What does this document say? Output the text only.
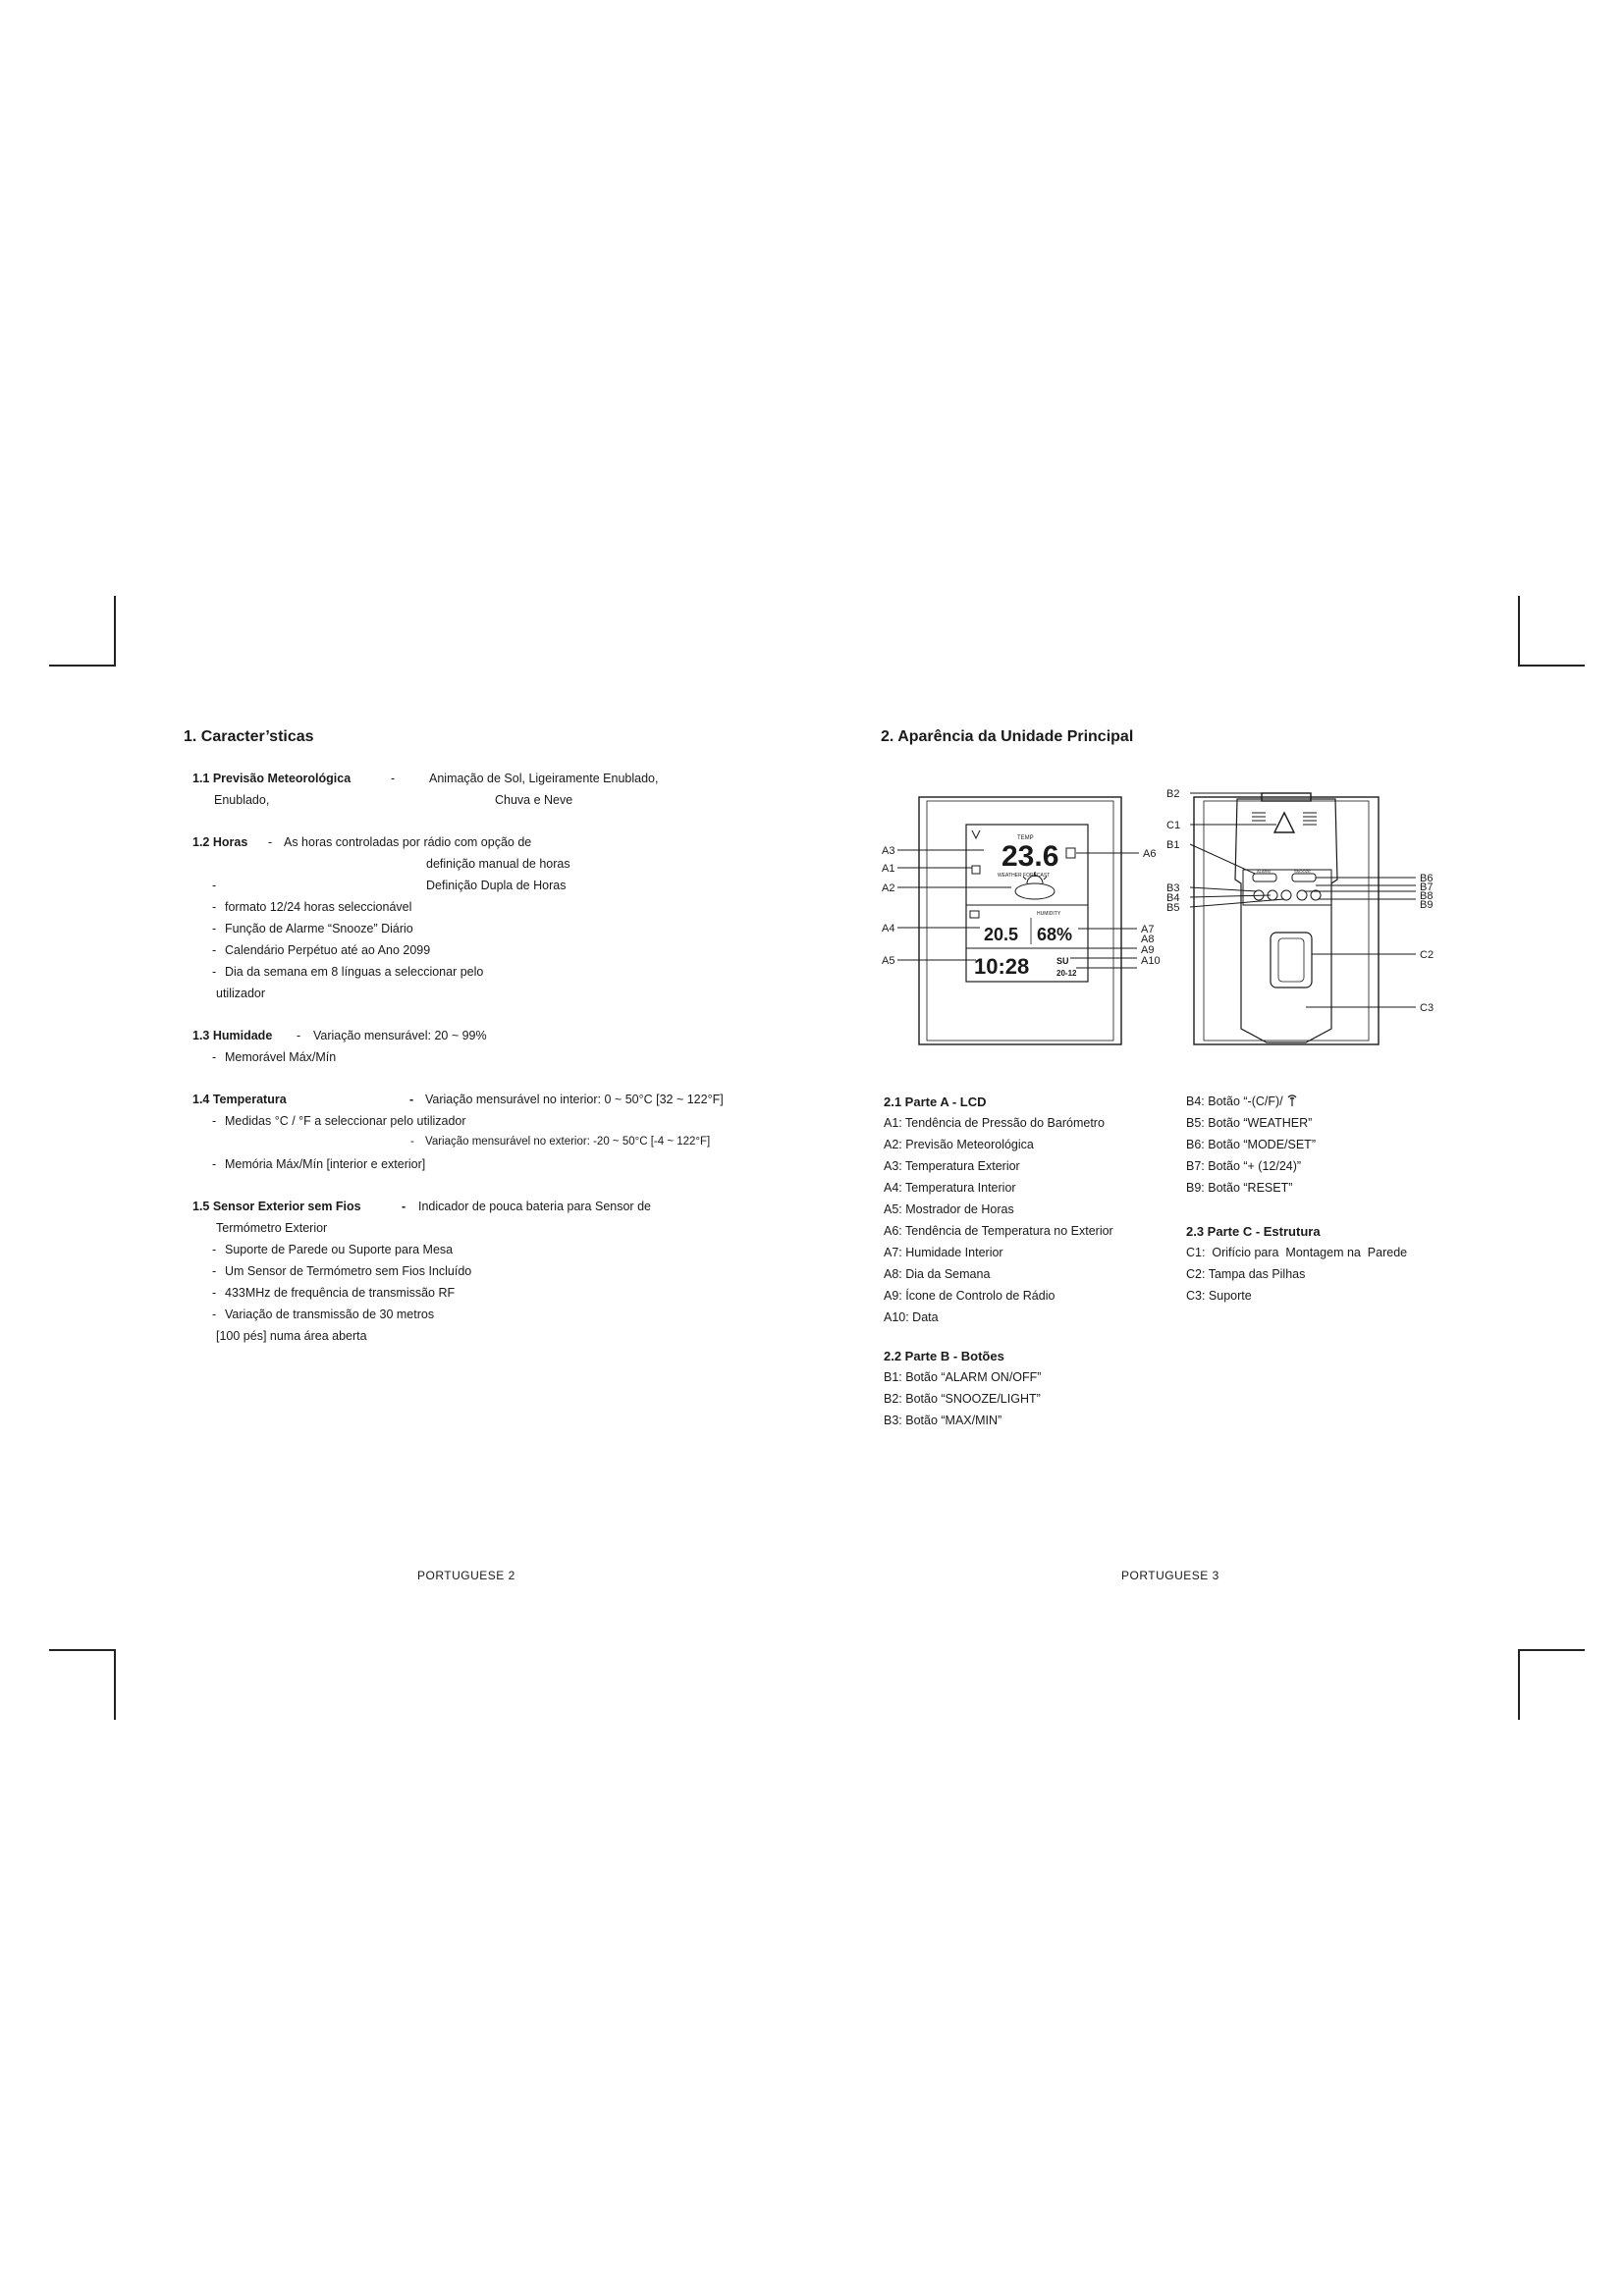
1. Caracter’sticas
1.1 Previsão Meteorológica	-	Animação de Sol, Ligeiramente Enublado,
Enublado,	Chuva e Neve
1.2 Horas - As horas controladas por rádio com opção de
definição manual de horas
-	Definição Dupla de Horas
- formato 12/24 horas seleccionável
- Função de Alarme “Snooze” Diário
- Calendário Perpétuo até ao Ano 2099
- Dia da semana em 8 línguas a seleccionar pelo
utilizador
1.3 Humidade - Variação mensurável: 20 ~ 99%
- Memorável Máx/Mín
1.4 Temperatura	- Variação mensurável no interior: 0 ~ 50°C [32 ~ 122°F]
- Medidas °C / °F a seleccionar pelo utilizador
- Variação mensurável no exterior: -20 ~ 50°C [-4 ~ 122°F]
- Memória Máx/Mín [interior e exterior]
1.5 Sensor Exterior sem Fios	- Indicador de pouca bateria para Sensor de
Termómetro Exterior
- Suporte de Parede ou Suporte para Mesa
- Um Sensor de Termómetro sem Fios Incluído
- 433MHz de frequência de transmissão RF
- Variação de transmissão de 30 metros
[100 pés] numa área aberta
PORTUGUESE 2
2. Aparência da Unidade Principal
TEMP
23.6
WEATHER FORECAST
HUMIDITY
20.5 68%
10:28	SU
20-12
A3
A1
A2
A4
A5
A6
A7
A8
A9
A10
ALARM	SNOOZE
B2
C1
B1
B3
B4
B5
B6
B7
B8
B9
C2
C3
2.1 Parte A - LCD
A1: Tendência de Pressão do Barómetro
A2: Previsão Meteorológica
A3: Temperatura Exterior
A4: Temperatura Interior
A5: Mostrador de Horas
A6: Tendência de Temperatura no Exterior
A7: Humidade Interior
A8: Dia da Semana
A9: Ícone de Controlo de Rádio
A10: Data
2.2 Parte B - Botões
B1: Botão “ALARM ON/OFF”
B2: Botão “SNOOZE/LIGHT”
B3: Botão “MAX/MIN”
B4: Botão “-(C/F)/
B5: Botão “WEATHER”
B6: Botão “MODE/SET”
B7: Botão “+ (12/24)”
B9: Botão “RESET”
2.3 Parte C - Estrutura
C1:  Orifício para  Montagem na  Parede
C2: Tampa das Pilhas
C3: Suporte
PORTUGUESE 3
